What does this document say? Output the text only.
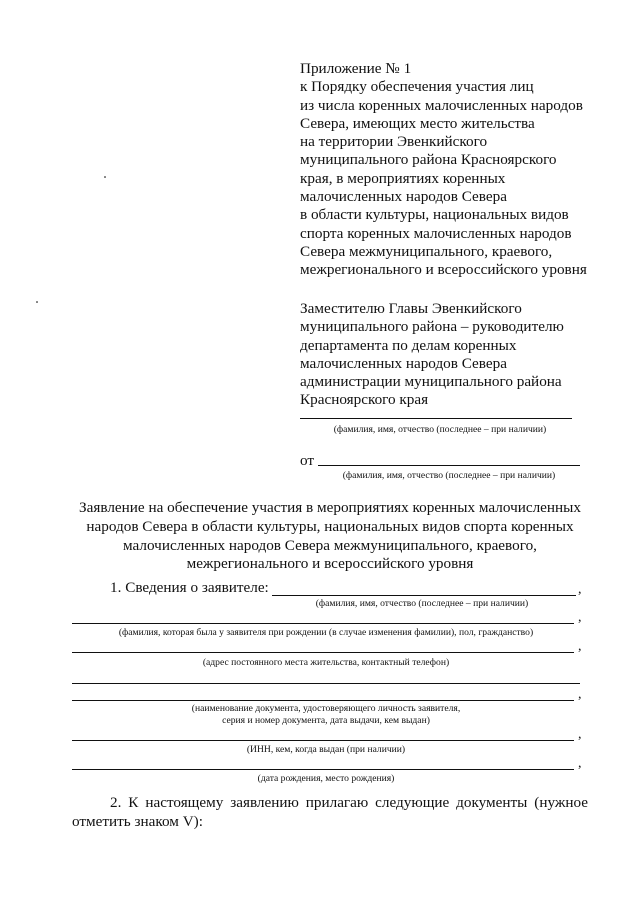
Приложение № 1
к Порядку обеспечения участия лиц
из числа коренных малочисленных народов
Севера, имеющих место жительства
на территории Эвенкийского
муниципального района Красноярского
края, в мероприятиях коренных
малочисленных народов Севера
в области культуры, национальных видов
спорта коренных малочисленных народов
Севера межмуниципального, краевого,
межрегионального и всероссийского уровня
Заместителю Главы Эвенкийского
муниципального района – руководителю
департамента по делам коренных
малочисленных народов Севера
администрации муниципального района
Красноярского края
(фамилия, имя, отчество (последнее – при наличии)
от
(фамилия, имя, отчество (последнее – при наличии)
Заявление на обеспечение участия в мероприятиях коренных малочисленных
народов Севера в области культуры, национальных видов спорта коренных
малочисленных народов Севера межмуниципального, краевого,
межрегионального и всероссийского уровня
1. Сведения о заявителе:	,
(фамилия, имя, отчество (последнее – при наличии)
,
(фамилия, которая была у заявителя при рождении (в случае изменения фамилии), пол, гражданство)
,
(адрес постоянного места жительства, контактный телефон)
,
(наименование документа, удостоверяющего личность заявителя,
серия и номер документа, дата выдачи, кем выдан)
,
(ИНН, кем, когда выдан (при наличии)
,
(дата рождения, место рождения)
2. К настоящему заявлению прилагаю следующие документы (нужное
отметить знаком V):
